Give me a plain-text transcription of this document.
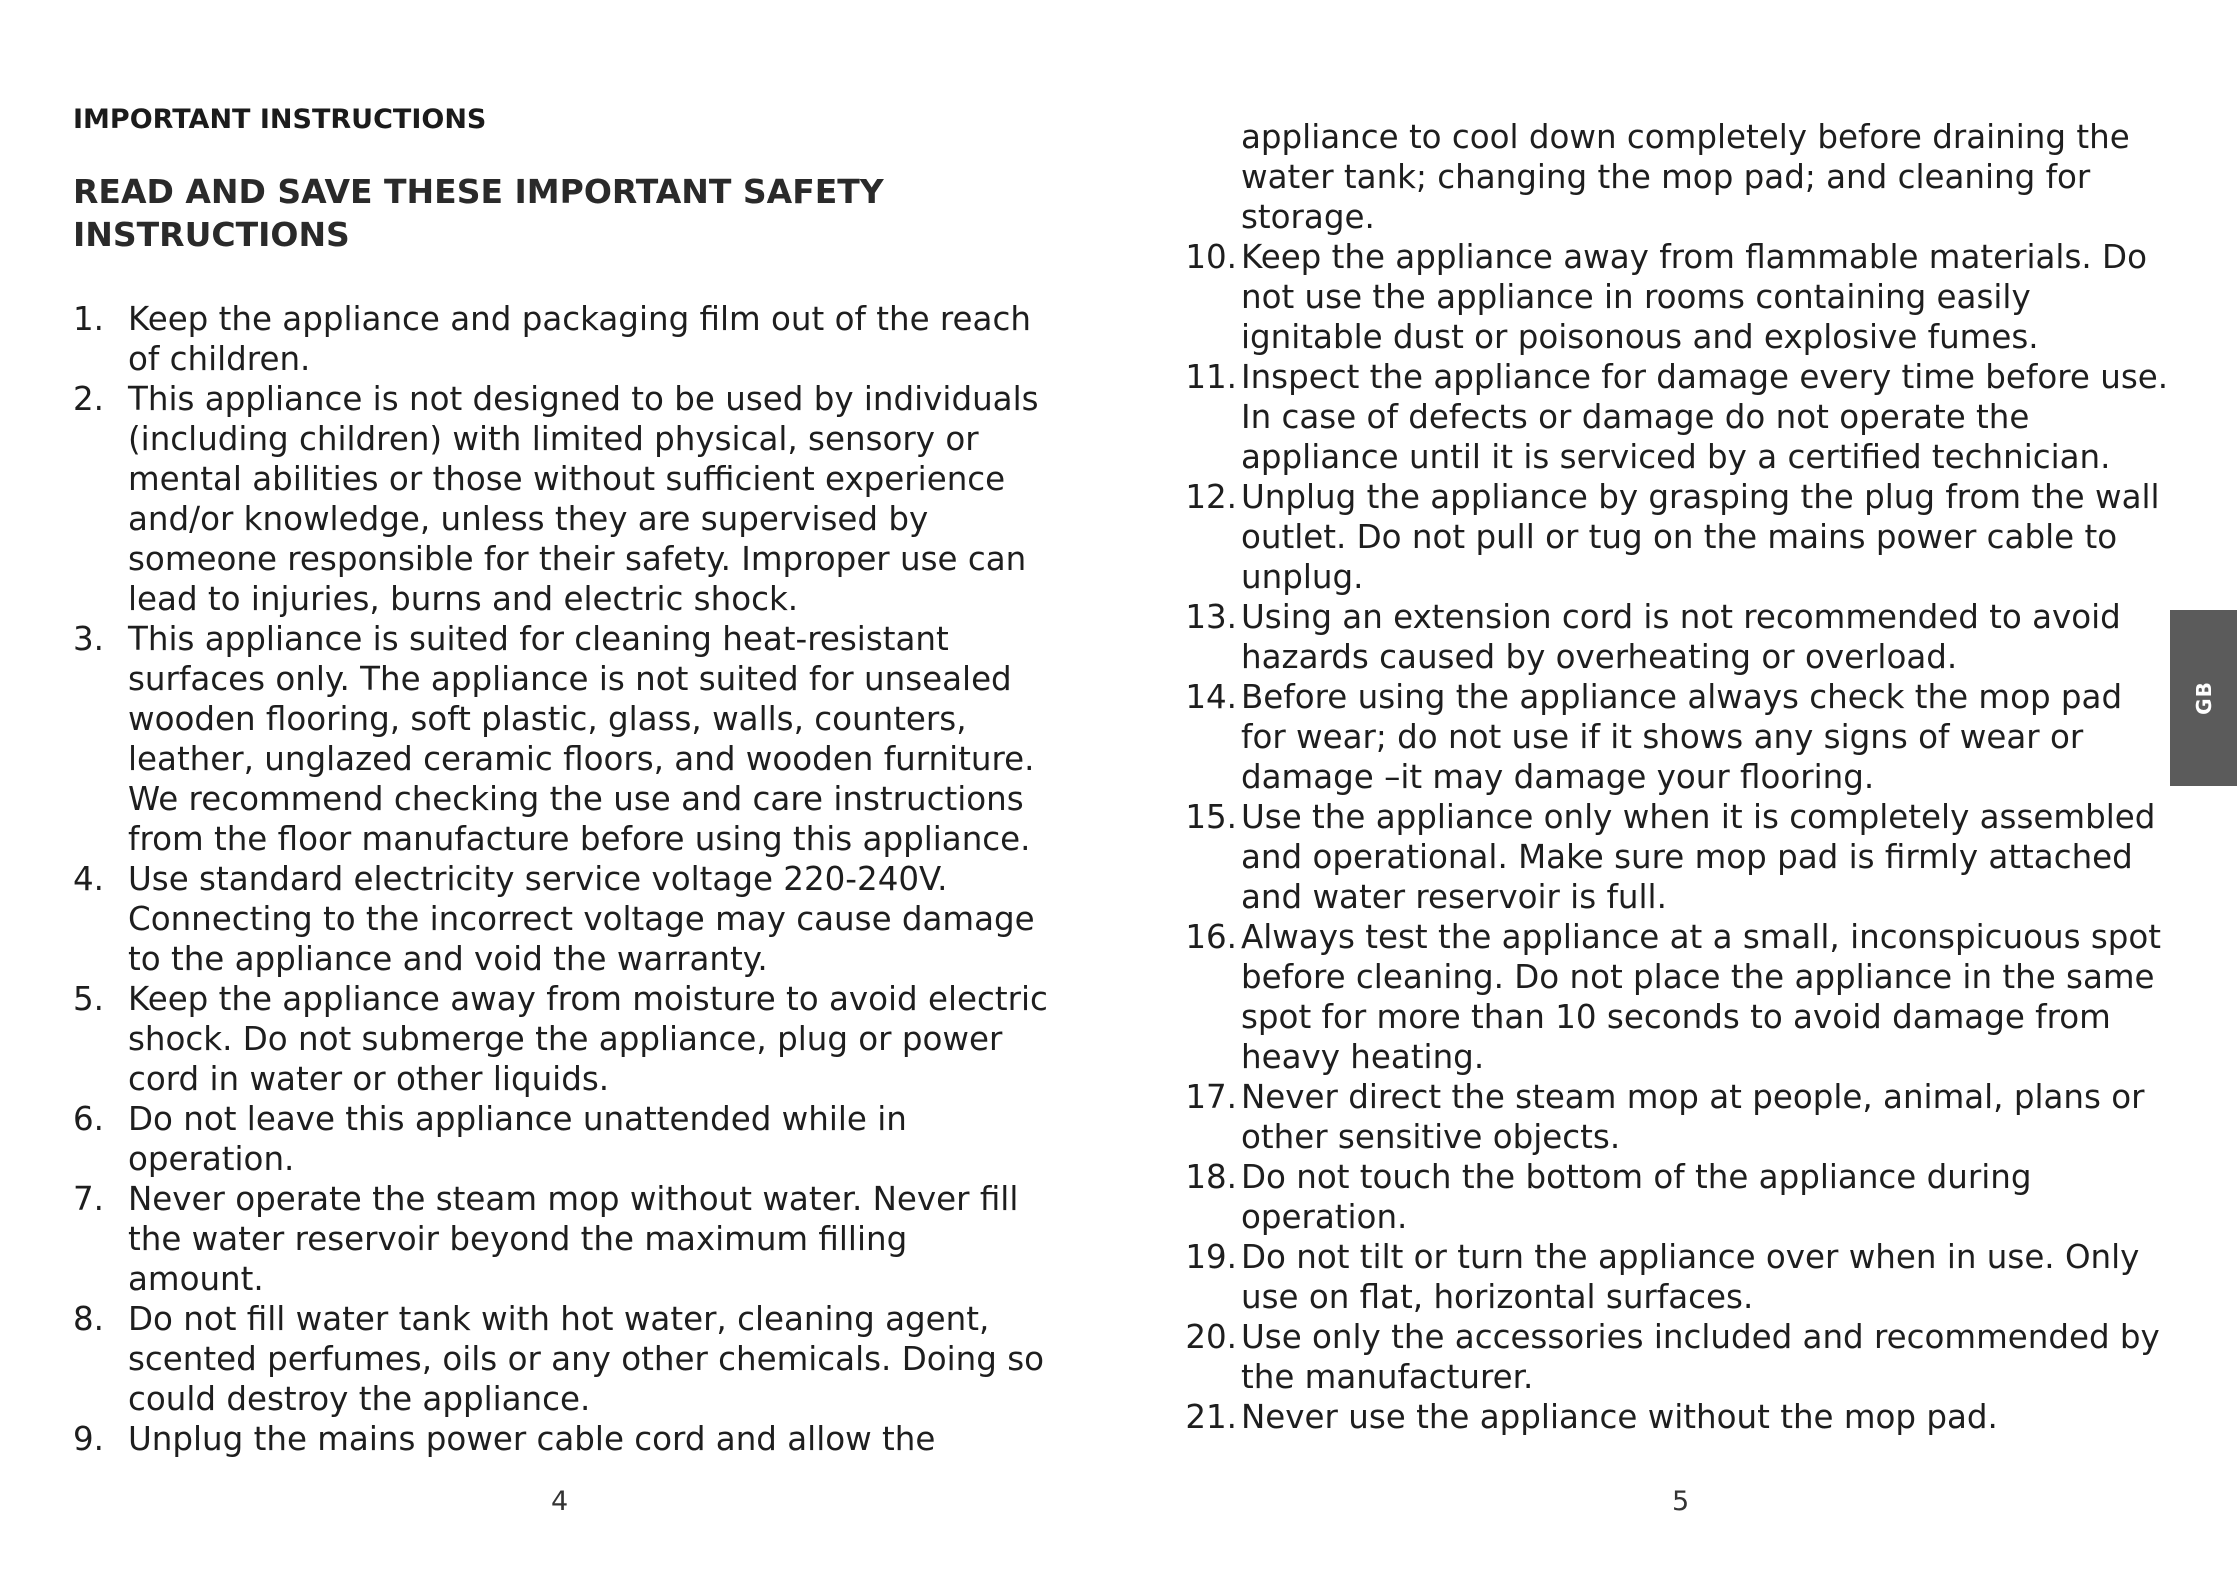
IMPORTANT INSTRUCTIONS
READ AND SAVE THESE IMPORTANT SAFETY
INSTRUCTIONS
1. Keep the appliance and packaging film out of the reach
of children.
2. This appliance is not designed to be used by individuals
(including children) with limited physical, sensory or
mental abilities or those without sufficient experience
and/or knowledge, unless they are supervised by
someone responsible for their safety. Improper use can
lead to injuries, burns and electric shock.
3. This appliance is suited for cleaning heat-resistant
surfaces only. The appliance is not suited for unsealed
wooden flooring, soft plastic, glass, walls, counters,
leather, unglazed ceramic floors, and wooden furniture.
We recommend checking the use and care instructions
from the floor manufacture before using this appliance.
4. Use standard electricity service voltage 220-240V.
Connecting to the incorrect voltage may cause damage
to the appliance and void the warranty.
5. Keep the appliance away from moisture to avoid electric
shock. Do not submerge the appliance, plug or power
cord in water or other liquids.
6. Do not leave this appliance unattended while in
operation.
7. Never operate the steam mop without water. Never fill
the water reservoir beyond the maximum filling
amount.
8. Do not fill water tank with hot water, cleaning agent,
scented perfumes, oils or any other chemicals. Doing so
could destroy the appliance.
9. Unplug the mains power cable cord and allow the
4
appliance to cool down completely before draining the
water tank; changing the mop pad; and cleaning for
storage.
10. Keep the appliance away from flammable materials. Do
not use the appliance in rooms containing easily
ignitable dust or poisonous and explosive fumes.
11. Inspect the appliance for damage every time before use.
In case of defects or damage do not operate the
appliance until it is serviced by a certified technician.
12. Unplug the appliance by grasping the plug from the wall
outlet. Do not pull or tug on the mains power cable to
unplug.
13. Using an extension cord is not recommended to avoid
hazards caused by overheating or overload.
14. Before using the appliance always check the mop pad
for wear; do not use if it shows any signs of wear or
damage –it may damage your flooring.
15. Use the appliance only when it is completely assembled
and operational. Make sure mop pad is firmly attached
and water reservoir is full.
16. Always test the appliance at a small, inconspicuous spot
before cleaning. Do not place the appliance in the same
spot for more than 10 seconds to avoid damage from
heavy heating.
17. Never direct the steam mop at people, animal, plans or
other sensitive objects.
18. Do not touch the bottom of the appliance during
operation.
19. Do not tilt or turn the appliance over when in use. Only
use on flat, horizontal surfaces.
20. Use only the accessories included and recommended by
the manufacturer.
21. Never use the appliance without the mop pad.
5
GB
